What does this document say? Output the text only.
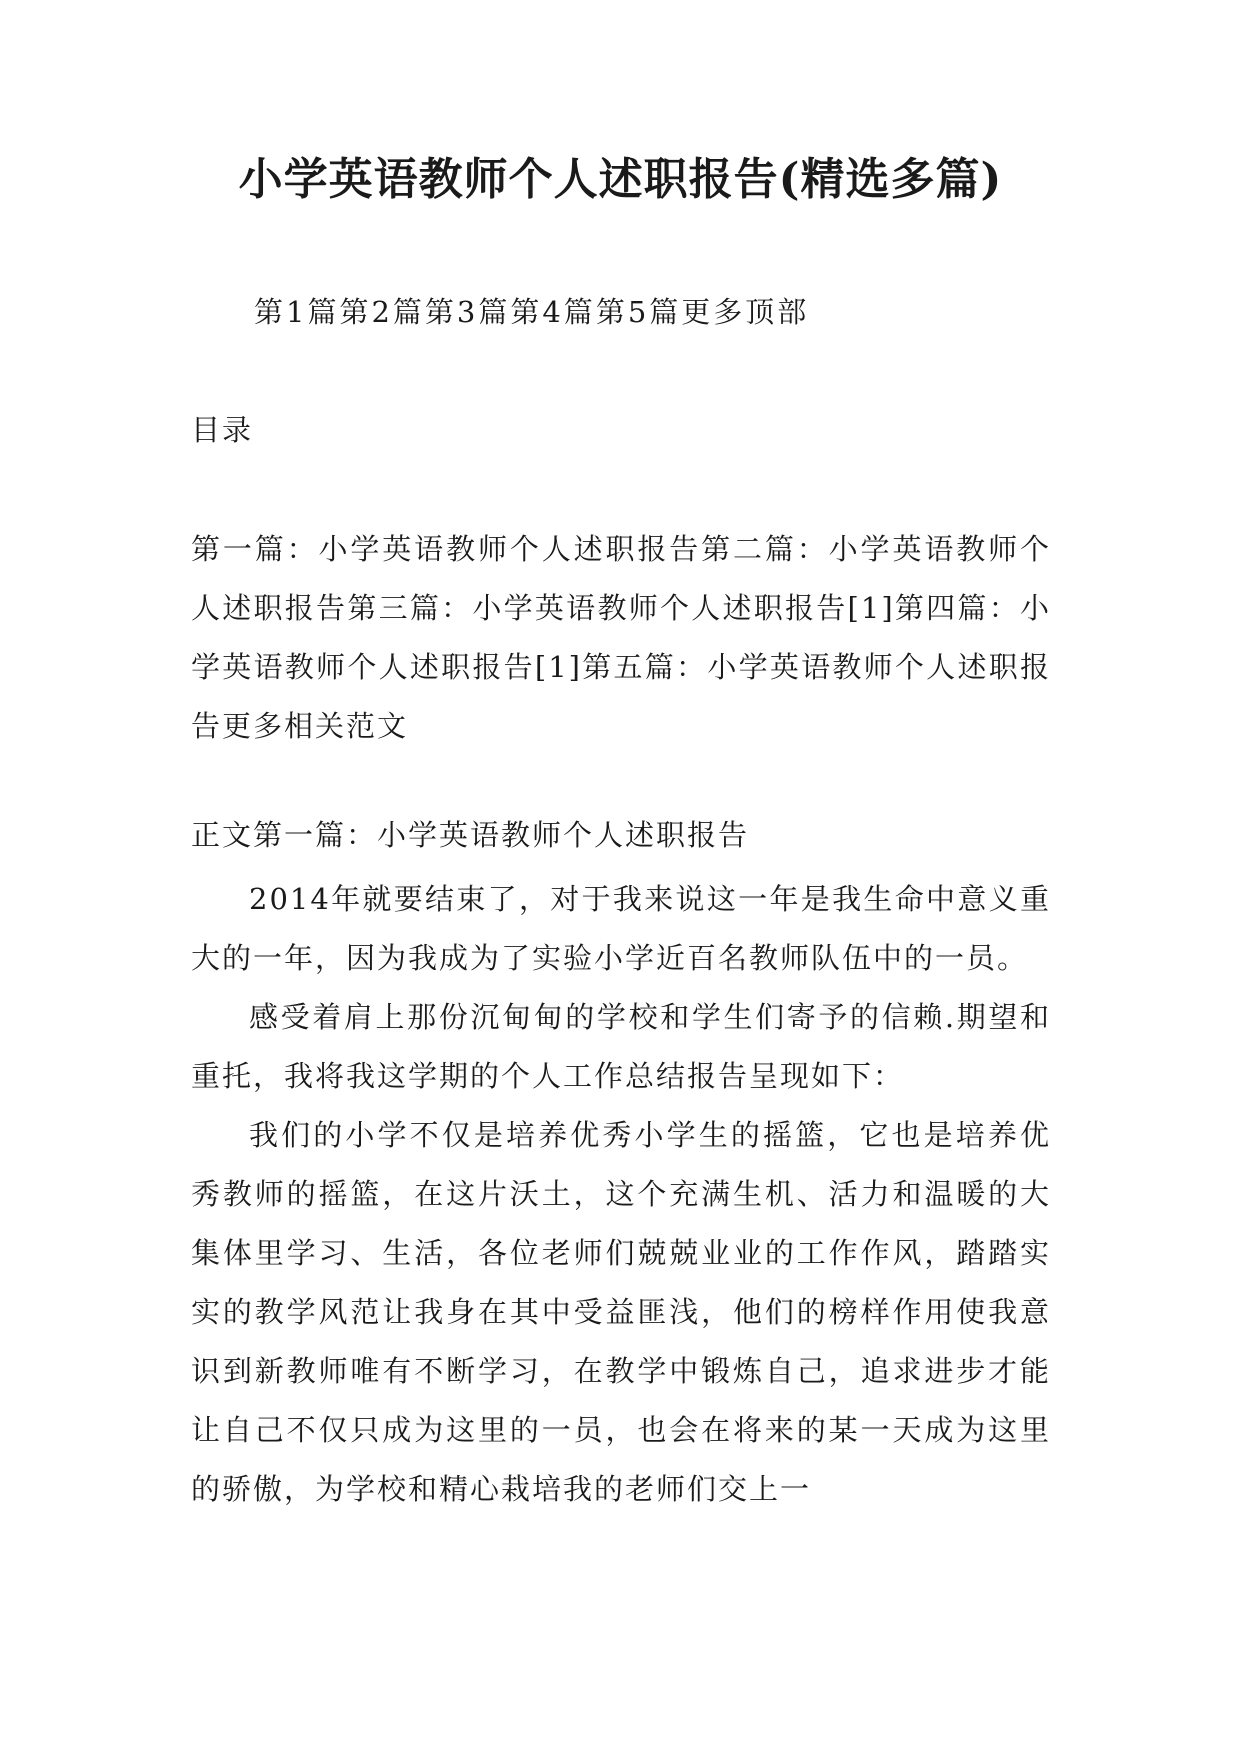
小学英语教师个人述职报告(精选多篇)
第1篇第2篇第3篇第4篇第5篇更多顶部
目录
第一篇：小学英语教师个人述职报告第二篇：小学英语教师个人述职报告第三篇：小学英语教师个人述职报告[1]第四篇：小学英语教师个人述职报告[1]第五篇：小学英语教师个人述职报告更多相关范文
正文第一篇：小学英语教师个人述职报告

2014年就要结束了，对于我来说这一年是我生命中意义重大的一年，因为我成为了实验小学近百名教师队伍中的一员。

感受着肩上那份沉甸甸的学校和学生们寄予的信赖.期望和重托，我将我这学期的个人工作总结报告呈现如下：

我们的小学不仅是培养优秀小学生的摇篮，它也是培养优秀教师的摇篮，在这片沃土，这个充满生机、活力和温暖的大集体里学习、生活，各位老师们兢兢业业的工作作风，踏踏实实的教学风范让我身在其中受益匪浅，他们的榜样作用使我意识到新教师唯有不断学习，在教学中锻炼自己，追求进步才能让自己不仅只成为这里的一员，也会在将来的某一天成为这里的骄傲，为学校和精心栽培我的老师们交上一
